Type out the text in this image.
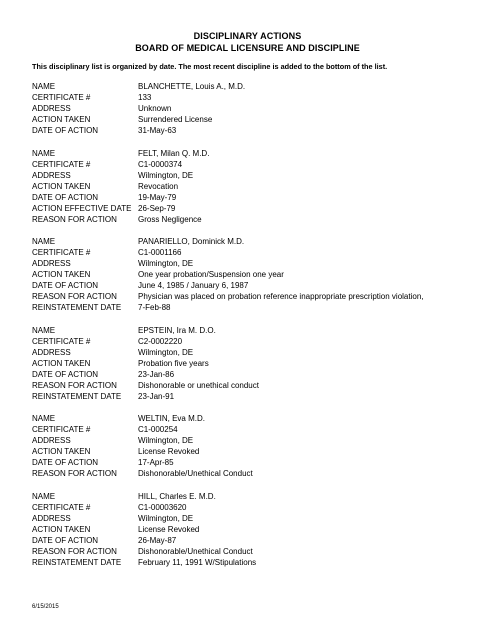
DISCIPLINARY ACTIONS
BOARD OF MEDICAL LICENSURE AND DISCIPLINE
This disciplinary list is organized by date. The most recent discipline is added to the bottom of the list.
NAME	BLANCHETTE, Louis A., M.D.
CERTIFICATE #	133
ADDRESS	Unknown
ACTION TAKEN	Surrendered License
DATE OF ACTION	31-May-63
NAME	FELT, Milan Q. M.D.
CERTIFICATE #	C1-0000374
ADDRESS	Wilmington, DE
ACTION TAKEN	Revocation
DATE OF ACTION	19-May-79
ACTION EFFECTIVE DATE 26-Sep-79
REASON FOR ACTION	Gross Negligence
NAME	PANARIELLO, Dominick M.D.
CERTIFICATE #	C1-0001166
ADDRESS	Wilmington, DE
ACTION TAKEN	One year probation/Suspension one year
DATE OF ACTION	June 4, 1985 / January 6, 1987
REASON FOR ACTION	Physician was placed on probation reference inappropriate prescription violation,
REINSTATEMENT DATE	7-Feb-88
NAME	EPSTEIN, Ira M. D.O.
CERTIFICATE #	C2-0002220
ADDRESS	Wilmington, DE
ACTION TAKEN	Probation five years
DATE OF ACTION	23-Jan-86
REASON FOR ACTION	Dishonorable or unethical conduct
REINSTATEMENT DATE	23-Jan-91
NAME	WELTIN, Eva M.D.
CERTIFICATE #	C1-000254
ADDRESS	Wilmington, DE
ACTION TAKEN	License Revoked
DATE OF ACTION	17-Apr-85
REASON FOR ACTION	Dishonorable/Unethical Conduct
NAME	HILL, Charles E. M.D.
CERTIFICATE #	C1-00003620
ADDRESS	Wilmington, DE
ACTION TAKEN	License Revoked
DATE OF ACTION	26-May-87
REASON FOR ACTION	Dishonorable/Unethical Conduct
REINSTATEMENT DATE	February 11, 1991 W/Stipulations
6/15/2015
